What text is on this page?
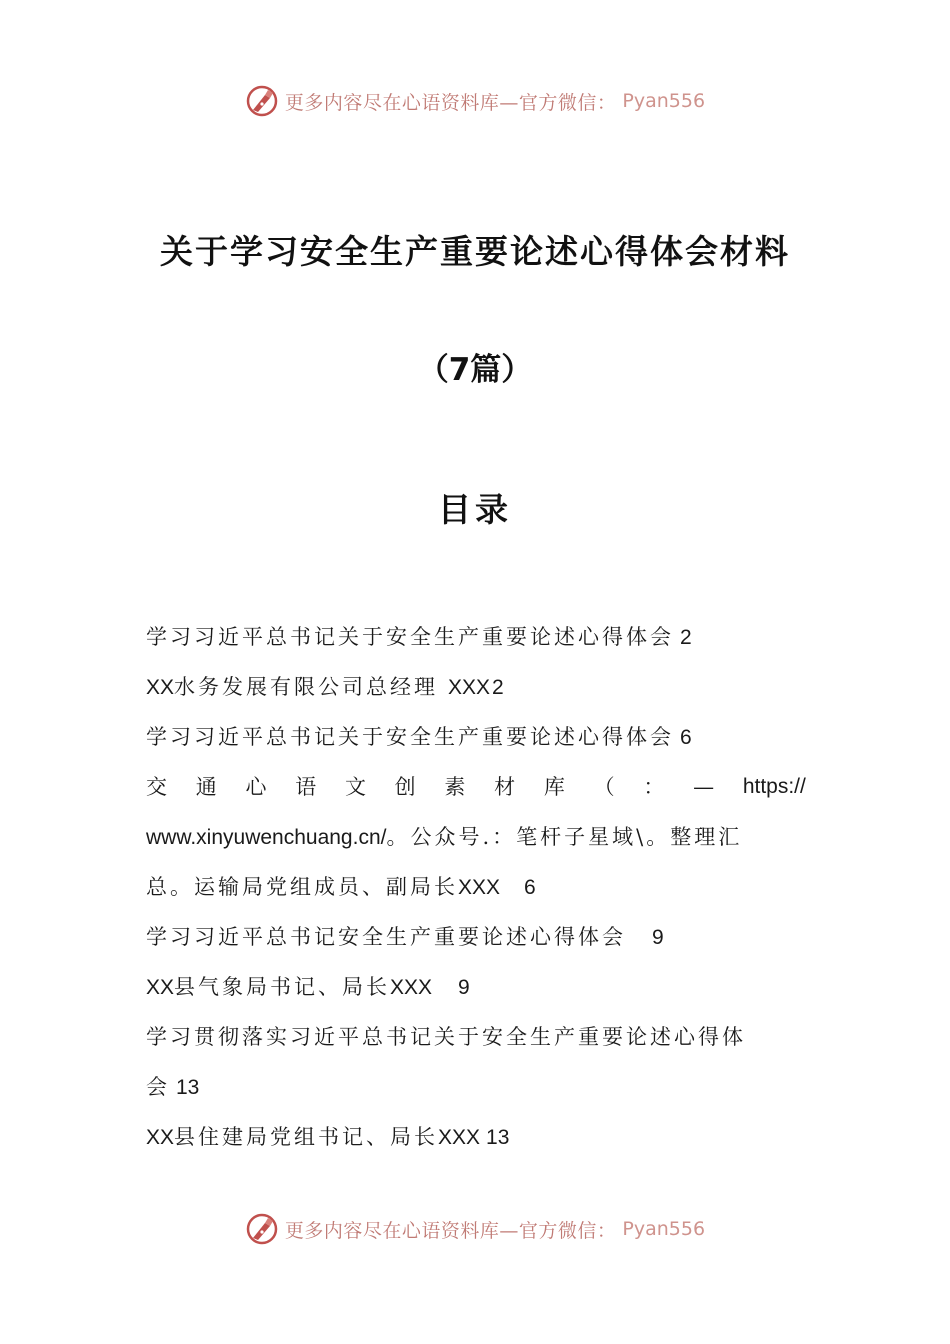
更多内容尽在心语资料库—官方微信： Pyan556
关于学习安全生产重要论述心得体会材料
（7篇）
目录
学习习近平总书记关于安全生产重要论述心得体会 2
XX水务发展有限公司总经理 XXX2
学习习近平总书记关于安全生产重要论述心得体会 6
交 通 心 语 文 创 素 材 库 （ ： — https://
www.xinyuwenchuang.cn/。公众号.：笔杆子星域\。整理汇
总。运输局党组成员、副局长XXX 6
学习习近平总书记安全生产重要论述心得体会 9
XX县气象局书记、局长XXX 9
学习贯彻落实习近平总书记关于安全生产重要论述心得体
会 13
XX县住建局党组书记、局长XXX 13
更多内容尽在心语资料库—官方微信： Pyan556
